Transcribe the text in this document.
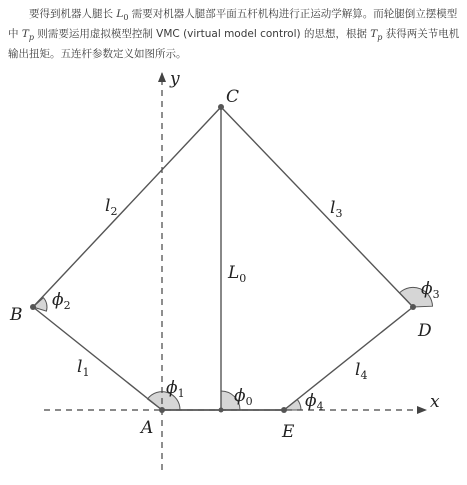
要得到机器人腿长 $L_0$ 需要对机器人腿部平面五杆机构进行正运动学解算。而轮腿倒立摆模型中 $T_p$ 则需要运用虚拟模型控制 VMC (virtual model control) 的思想，根据 $T_p$ 获得两关节电机输出扭矩。五连杆参数定义如图所示。

x
y
A
B
C
D
E
$l_1$
$l_2$	$l_3$
$l_4$
$L_0$
$\phi_0$
$\phi_1$
$\phi_2$
$\phi_3$
$\phi_4$
